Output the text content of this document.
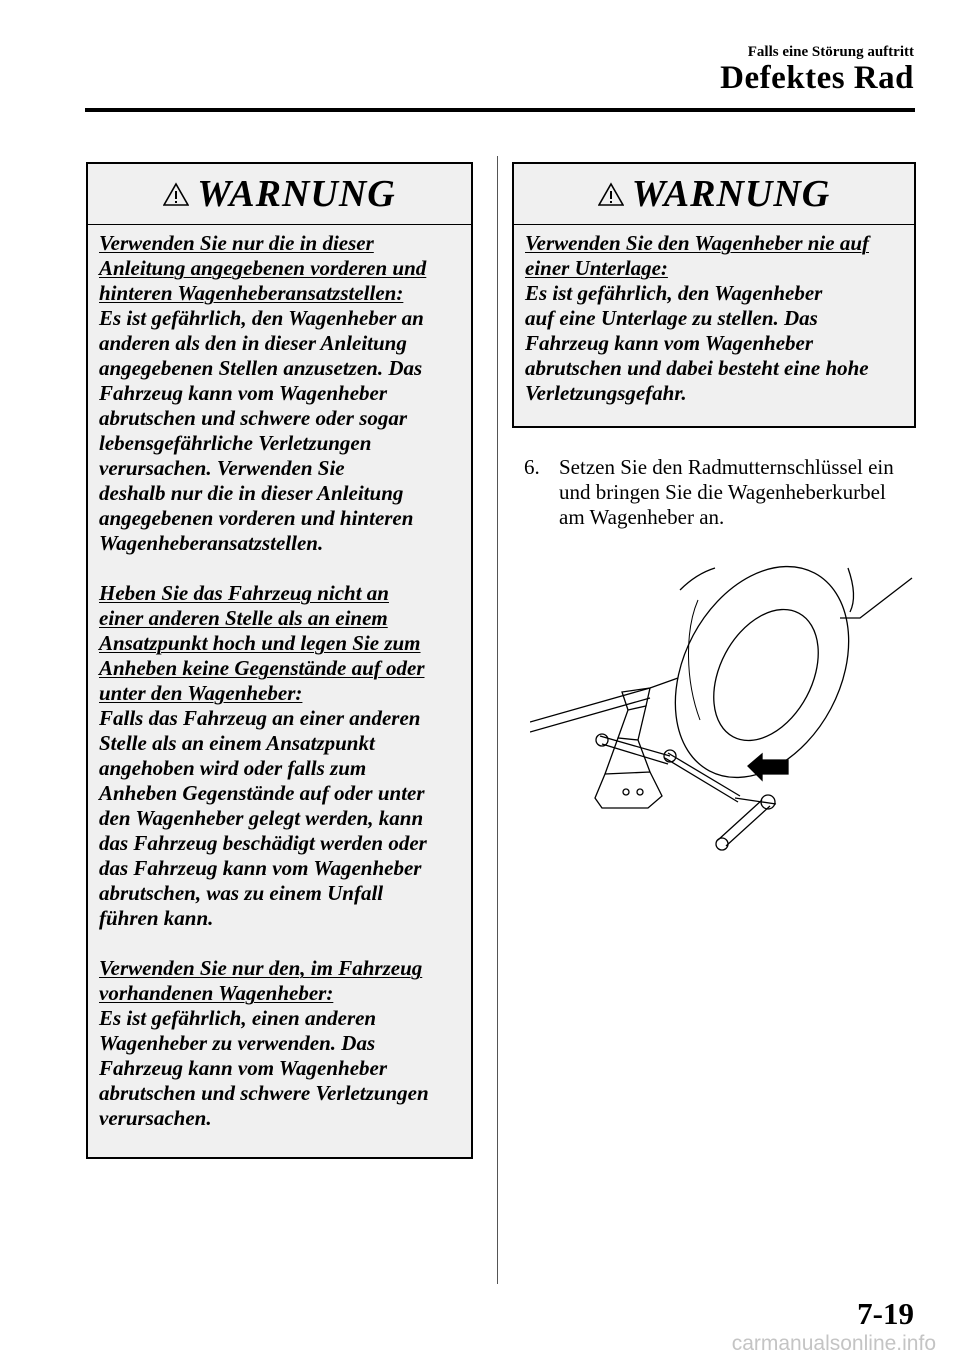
Falls eine Störung auftritt
Defektes Rad
WARNUNG

Verwenden Sie nur die in dieser

Anleitung angegebenen vorderen und

hinteren Wagenheberansatzstellen:

Es ist gefährlich, den Wagenheber an

anderen als den in dieser Anleitung

angegebenen Stellen anzusetzen. Das

Fahrzeug kann vom Wagenheber

abrutschen und schwere oder sogar

lebensgefährliche Verletzungen

verursachen. Verwenden Sie

deshalb nur die in dieser Anleitung

angegebenen vorderen und hinteren

Wagenheberansatzstellen.

Heben Sie das Fahrzeug nicht an

einer anderen Stelle als an einem

Ansatzpunkt hoch und legen Sie zum

Anheben keine Gegenstände auf oder

unter den Wagenheber:

Falls das Fahrzeug an einer anderen

Stelle als an einem Ansatzpunkt

angehoben wird oder falls zum

Anheben Gegenstände auf oder unter

den Wagenheber gelegt werden, kann

das Fahrzeug beschädigt werden oder

das Fahrzeug kann vom Wagenheber

abrutschen, was zu einem Unfall

führen kann.

Verwenden Sie nur den, im Fahrzeug

vorhandenen Wagenheber:

Es ist gefährlich, einen anderen

Wagenheber zu verwenden. Das

Fahrzeug kann vom Wagenheber

abrutschen und schwere Verletzungen

verursachen.

WARNUNG

Verwenden Sie den Wagenheber nie auf

einer Unterlage:

Es ist gefährlich, den Wagenheber

auf eine Unterlage zu stellen. Das

Fahrzeug kann vom Wagenheber

abrutschen und dabei besteht eine hohe

Verletzungsgefahr.

6. Setzen Sie den Radmutternschlüssel ein
und bringen Sie die Wagenheberkurbel
am Wagenheber an.
7-19
carmanualsonline.info
